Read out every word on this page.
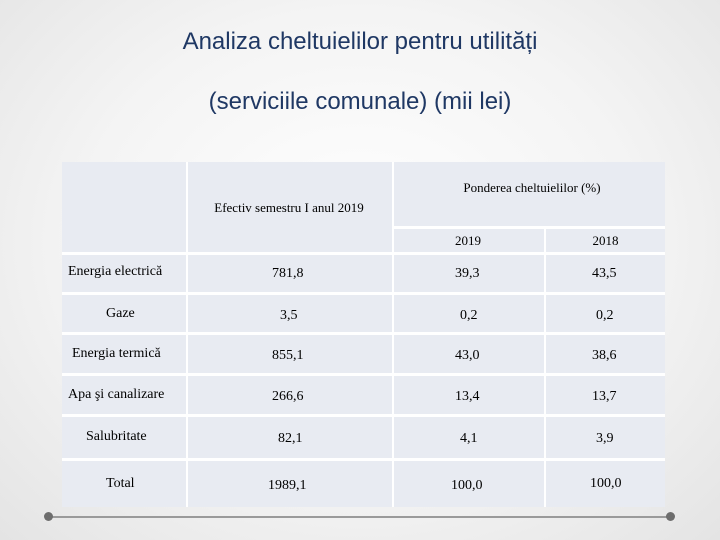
Analiza cheltuielilor pentru utilități
(serviciile comunale) (mii lei)
Efectiv semestru I anul 2019
Ponderea cheltuielilor (%)
2019	2018
Energia electrică	781,8	39,3	43,5
Gaze	3,5	0,2	0,2
Energia termică	855,1	43,0	38,6
Apa şi canalizare	266,6	13,4	13,7
Salubritate	82,1	4,1	3,9
Total	1989,1	100,0	100,0
